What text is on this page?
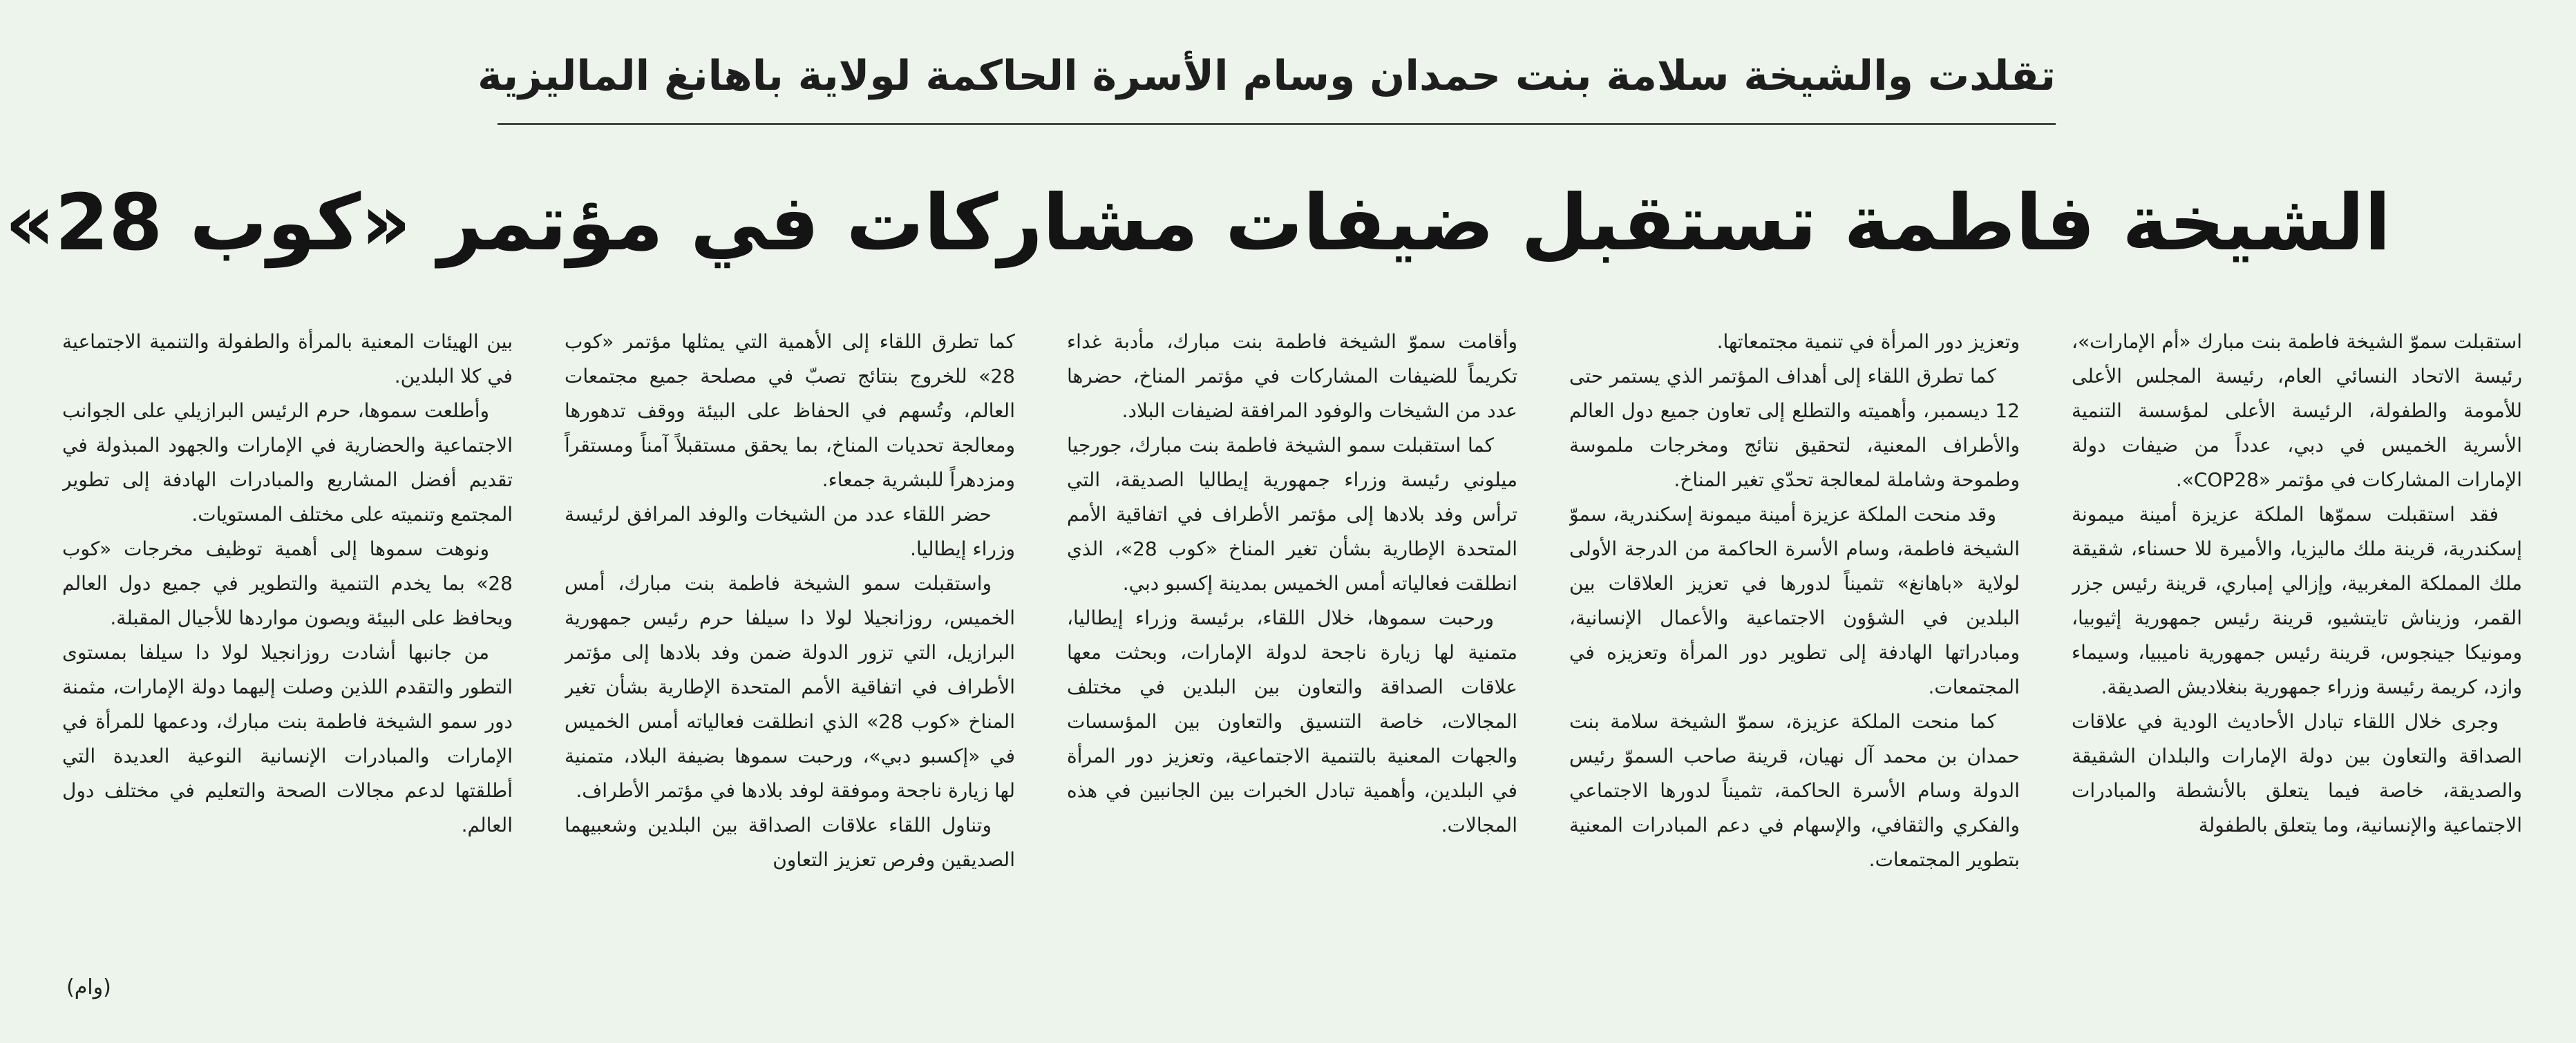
تقلدت والشيخة سلامة بنت حمدان وسام الأسرة الحاكمة لولاية باهانغ الماليزية
الشيخة فاطمة تستقبل ضيفات مشاركات في مؤتمر «كوب 28»

استقبلت سموّ الشيخة فاطمة بنت مبارك «أم الإمارات»، رئيسة الاتحاد النسائي العام، رئيسة المجلس الأعلى للأمومة والطفولة، الرئيسة الأعلى لمؤسسة التنمية الأسرية الخميس في دبي، عدداً من ضيفات دولة الإمارات المشاركات في مؤتمر «COP28».

فقد استقبلت سموّها الملكة عزيزة أمينة ميمونة إسكندرية، قرينة ملك ماليزيا، والأميرة للا حسناء، شقيقة ملك المملكة المغربية، وإزالي إمباري، قرينة رئيس جزر القمر، وزيناش تايتشيو، قرينة رئيس جمهورية إثيوبيا، ومونيكا جينجوس، قرينة رئيس جمهورية ناميبيا، وسيماء وازد، كريمة رئيسة وزراء جمهورية بنغلاديش الصديقة.

وجرى خلال اللقاء تبادل الأحاديث الودية في علاقات الصداقة والتعاون بين دولة الإمارات والبلدان الشقيقة والصديقة، خاصة فيما يتعلق بالأنشطة والمبادرات الاجتماعية والإنسانية، وما يتعلق بالطفولة

وتعزيز دور المرأة في تنمية مجتمعاتها.

كما تطرق اللقاء إلى أهداف المؤتمر الذي يستمر حتى 12 ديسمبر، وأهميته والتطلع إلى تعاون جميع دول العالم والأطراف المعنية، لتحقيق نتائج ومخرجات ملموسة وطموحة وشاملة لمعالجة تحدّي تغير المناخ.

وقد منحت الملكة عزيزة أمينة ميمونة إسكندرية، سموّ الشيخة فاطمة، وسام الأسرة الحاكمة من الدرجة الأولى لولاية «باهانغ» تثميناً لدورها في تعزيز العلاقات بين البلدين في الشؤون الاجتماعية والأعمال الإنسانية، ومبادراتها الهادفة إلى تطوير دور المرأة وتعزيزه في المجتمعات.

كما منحت الملكة عزيزة، سموّ الشيخة سلامة بنت حمدان بن محمد آل نهيان، قرينة صاحب السموّ رئيس الدولة وسام الأسرة الحاكمة، تثميناً لدورها الاجتماعي والفكري والثقافي، والإسهام في دعم المبادرات المعنية بتطوير المجتمعات.

وأقامت سموّ الشيخة فاطمة بنت مبارك، مأدبة غداء تكريماً للضيفات المشاركات في مؤتمر المناخ، حضرها عدد من الشيخات والوفود المرافقة لضيفات البلاد.

كما استقبلت سمو الشيخة فاطمة بنت مبارك، جورجيا ميلوني رئيسة وزراء جمهورية إيطاليا الصديقة، التي ترأس وفد بلادها إلى مؤتمر الأطراف في اتفاقية الأمم المتحدة الإطارية بشأن تغير المناخ «كوب 28»، الذي انطلقت فعالياته أمس الخميس بمدينة إكسبو دبي.

ورحبت سموها، خلال اللقاء، برئيسة وزراء إيطاليا، متمنية لها زيارة ناجحة لدولة الإمارات، وبحثت معها علاقات الصداقة والتعاون بين البلدين في مختلف المجالات، خاصة التنسيق والتعاون بين المؤسسات والجهات المعنية بالتنمية الاجتماعية، وتعزيز دور المرأة في البلدين، وأهمية تبادل الخبرات بين الجانبين في هذه المجالات.

كما تطرق اللقاء إلى الأهمية التي يمثلها مؤتمر «كوب 28» للخروج بنتائج تصبّ في مصلحة جميع مجتمعات العالم، وتُسهم في الحفاظ على البيئة ووقف تدهورها ومعالجة تحديات المناخ، بما يحقق مستقبلاً آمناً ومستقراً ومزدهراً للبشرية جمعاء.

حضر اللقاء عدد من الشيخات والوفد المرافق لرئيسة وزراء إيطاليا.

واستقبلت سمو الشيخة فاطمة بنت مبارك، أمس الخميس، روزانجيلا لولا دا سيلفا حرم رئيس جمهورية البرازيل، التي تزور الدولة ضمن وفد بلادها إلى مؤتمر الأطراف في اتفاقية الأمم المتحدة الإطارية بشأن تغير المناخ «كوب 28» الذي انطلقت فعالياته أمس الخميس في «إكسبو دبي»، ورحبت سموها بضيفة البلاد، متمنية لها زيارة ناجحة وموفقة لوفد بلادها في مؤتمر الأطراف.

وتناول اللقاء علاقات الصداقة بين البلدين وشعبيهما الصديقين وفرص تعزيز التعاون

بين الهيئات المعنية بالمرأة والطفولة والتنمية الاجتماعية في كلا البلدين.

وأطلعت سموها، حرم الرئيس البرازيلي على الجوانب الاجتماعية والحضارية في الإمارات والجهود المبذولة في تقديم أفضل المشاريع والمبادرات الهادفة إلى تطوير المجتمع وتنميته على مختلف المستويات.

ونوهت سموها إلى أهمية توظيف مخرجات «كوب 28» بما يخدم التنمية والتطوير في جميع دول العالم ويحافظ على البيئة ويصون مواردها للأجيال المقبلة.

من جانبها أشادت روزانجيلا لولا دا سيلفا بمستوى التطور والتقدم اللذين وصلت إليهما دولة الإمارات، مثمنة دور سمو الشيخة فاطمة بنت مبارك، ودعمها للمرأة في الإمارات والمبادرات الإنسانية النوعية العديدة التي أطلقتها لدعم مجالات الصحة والتعليم في مختلف دول العالم.

(وام)
